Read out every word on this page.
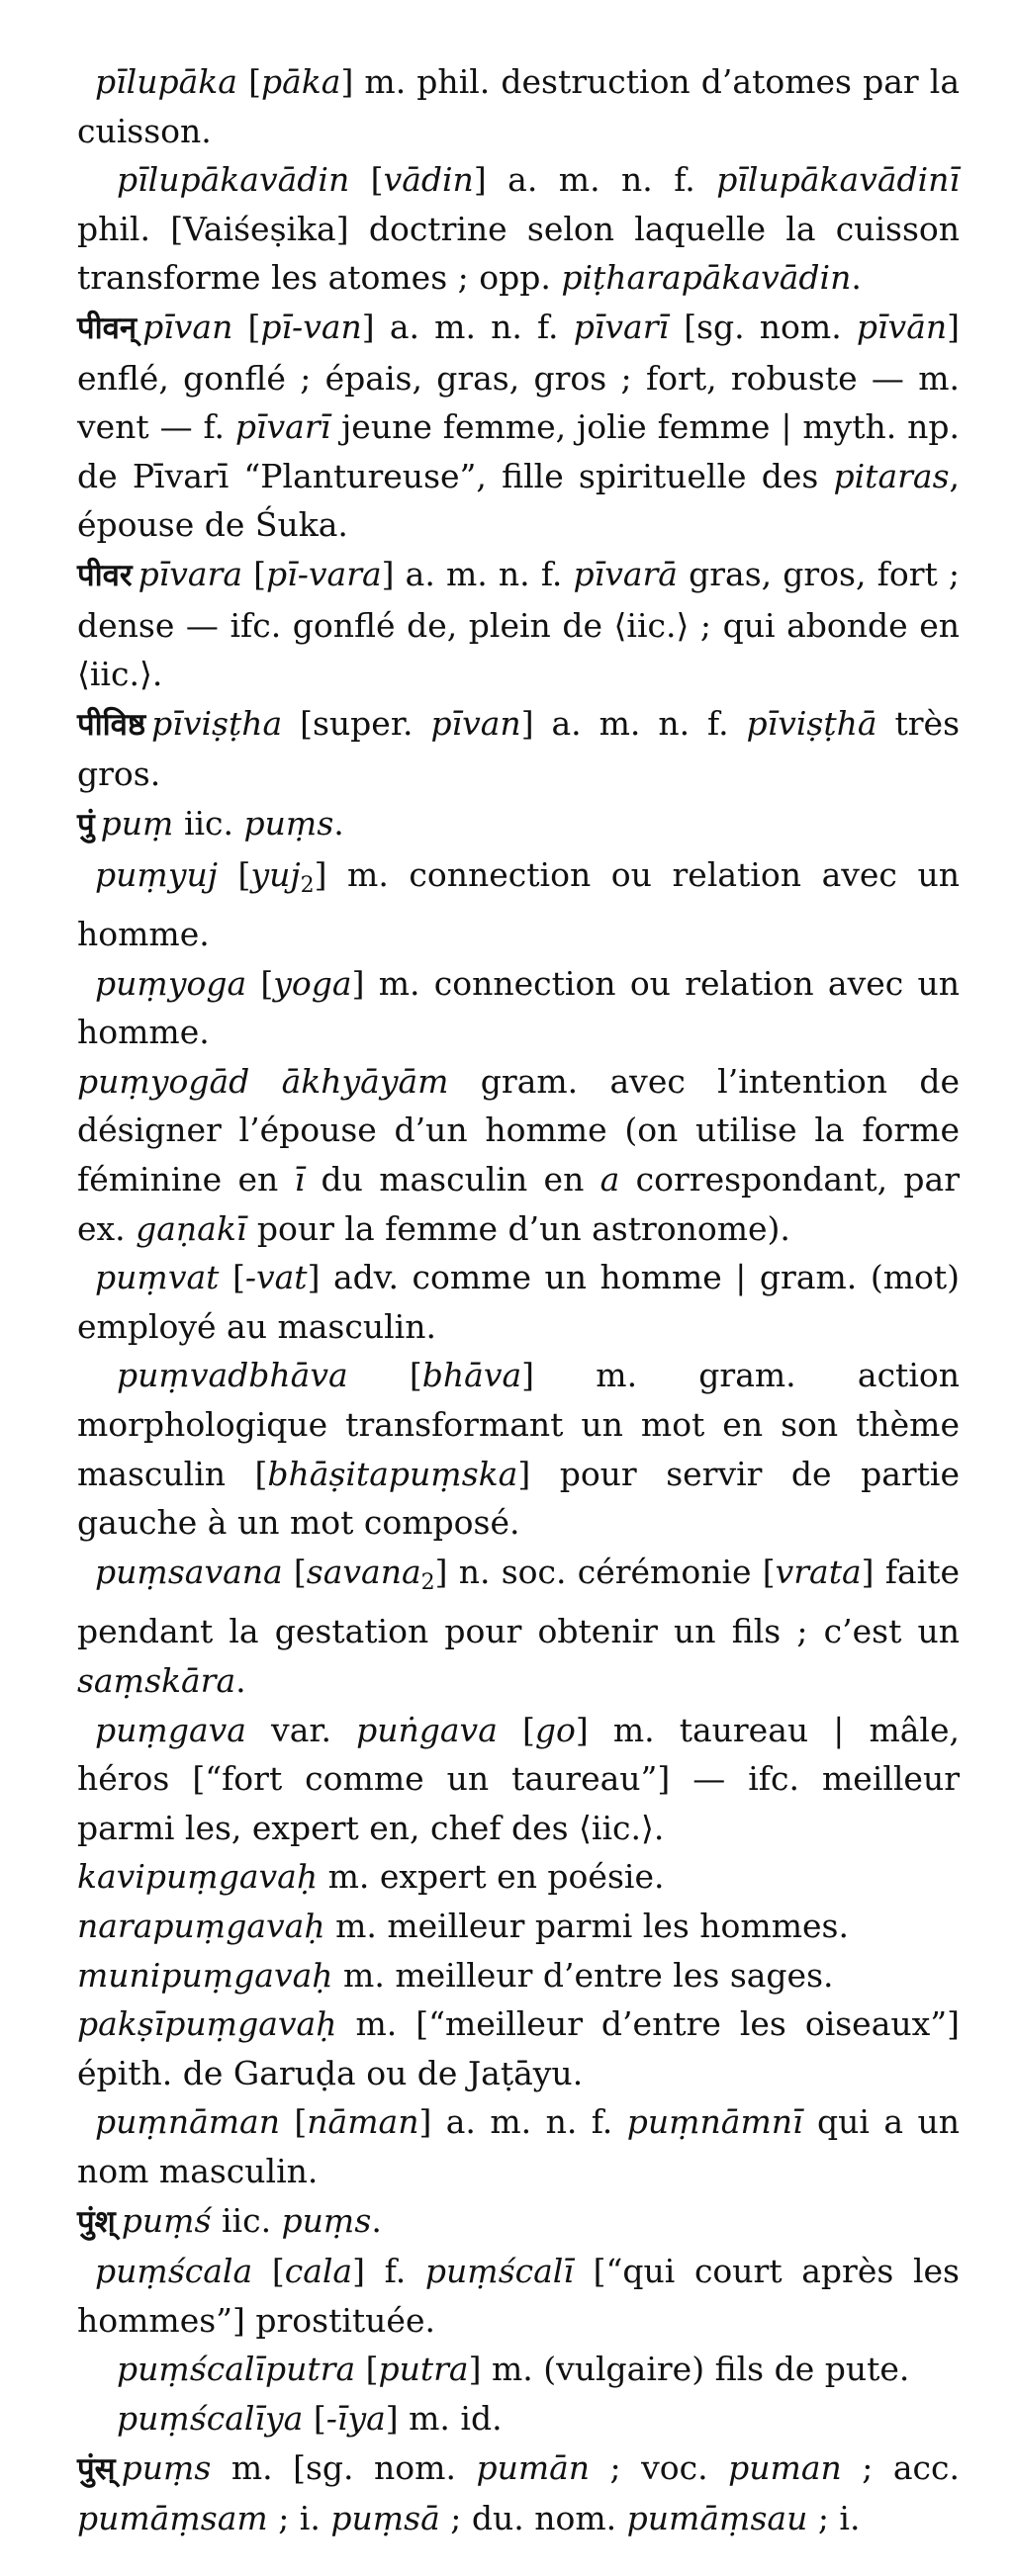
pīlupāka [pāka] m. phil. destruction d’atomes par la cuisson.

pīlupākavādin [vādin] a. m. n. f. pīlupākavādinī phil. [Vaiśeṣika] doctrine selon laquelle la cuisson transforme les atomes ; opp. piṭharapākavādin.

पीवन् pīvan [pī-van] a. m. n. f. pīvarī [sg. nom. pīvān] enflé, gonflé ; épais, gras, gros ; fort, robuste — m. vent — f. pīvarī jeune femme, jolie femme | myth. np. de Pīvarī “Plantureuse”, fille spirituelle des pitaras, épouse de Śuka.

पीवर pīvara [pī-vara] a. m. n. f. pīvarā gras, gros, fort ; dense — ifc. gonflé de, plein de ⟨iic.⟩ ; qui abonde en ⟨iic.⟩.

पीविष्ठ pīviṣṭha [super. pīvan] a. m. n. f. pīviṣṭhā très gros.

पुं puṃ iic. puṃs.

puṃyuj [yuj$_2$] m. connection ou relation avec un homme.

puṃyoga [yoga] m. connection ou relation avec un homme.

puṃyogād ākhyāyām gram. avec l’intention de désigner l’épouse d’un homme (on utilise la forme féminine en ī du masculin en a correspondant, par ex. gaṇakī pour la femme d’un astronome).

puṃvat [-vat] adv. comme un homme | gram. (mot) employé au masculin.

puṃvadbhāva [bhāva] m. gram. action morphologique transformant un mot en son thème masculin [bhāṣitapuṃska] pour servir de partie gauche à un mot composé.

puṃsavana [savana$_2$] n. soc. cérémonie [vrata] faite pendant la gestation pour obtenir un fils ; c’est un saṃskāra.

puṃgava var. puṅgava [go] m. taureau | mâle, héros [“fort comme un taureau”] — ifc. meilleur parmi les, expert en, chef des ⟨iic.⟩.

kavipuṃgavaḥ m. expert en poésie.

narapuṃgavaḥ m. meilleur parmi les hommes.

munipuṃgavaḥ m. meilleur d’entre les sages.

pakṣīpuṃgavaḥ m. [“meilleur d’entre les oiseaux”] épith. de Garuḍa ou de Jaṭāyu.

puṃnāman [nāman] a. m. n. f. puṃnāmnī qui a un nom masculin.

पुंश् puṃś iic. puṃs.

puṃścala [cala] f. puṃścalī [“qui court après les hommes”] prostituée.

puṃścalīputra [putra] m. (vulgaire) fils de pute.

puṃścalīya [-īya] m. id.

पुंस् puṃs m. [sg. nom. pumān ; voc. puman ; acc. pumāṃsam ; i. puṃsā ; du. nom. pumāṃsau ; i.
